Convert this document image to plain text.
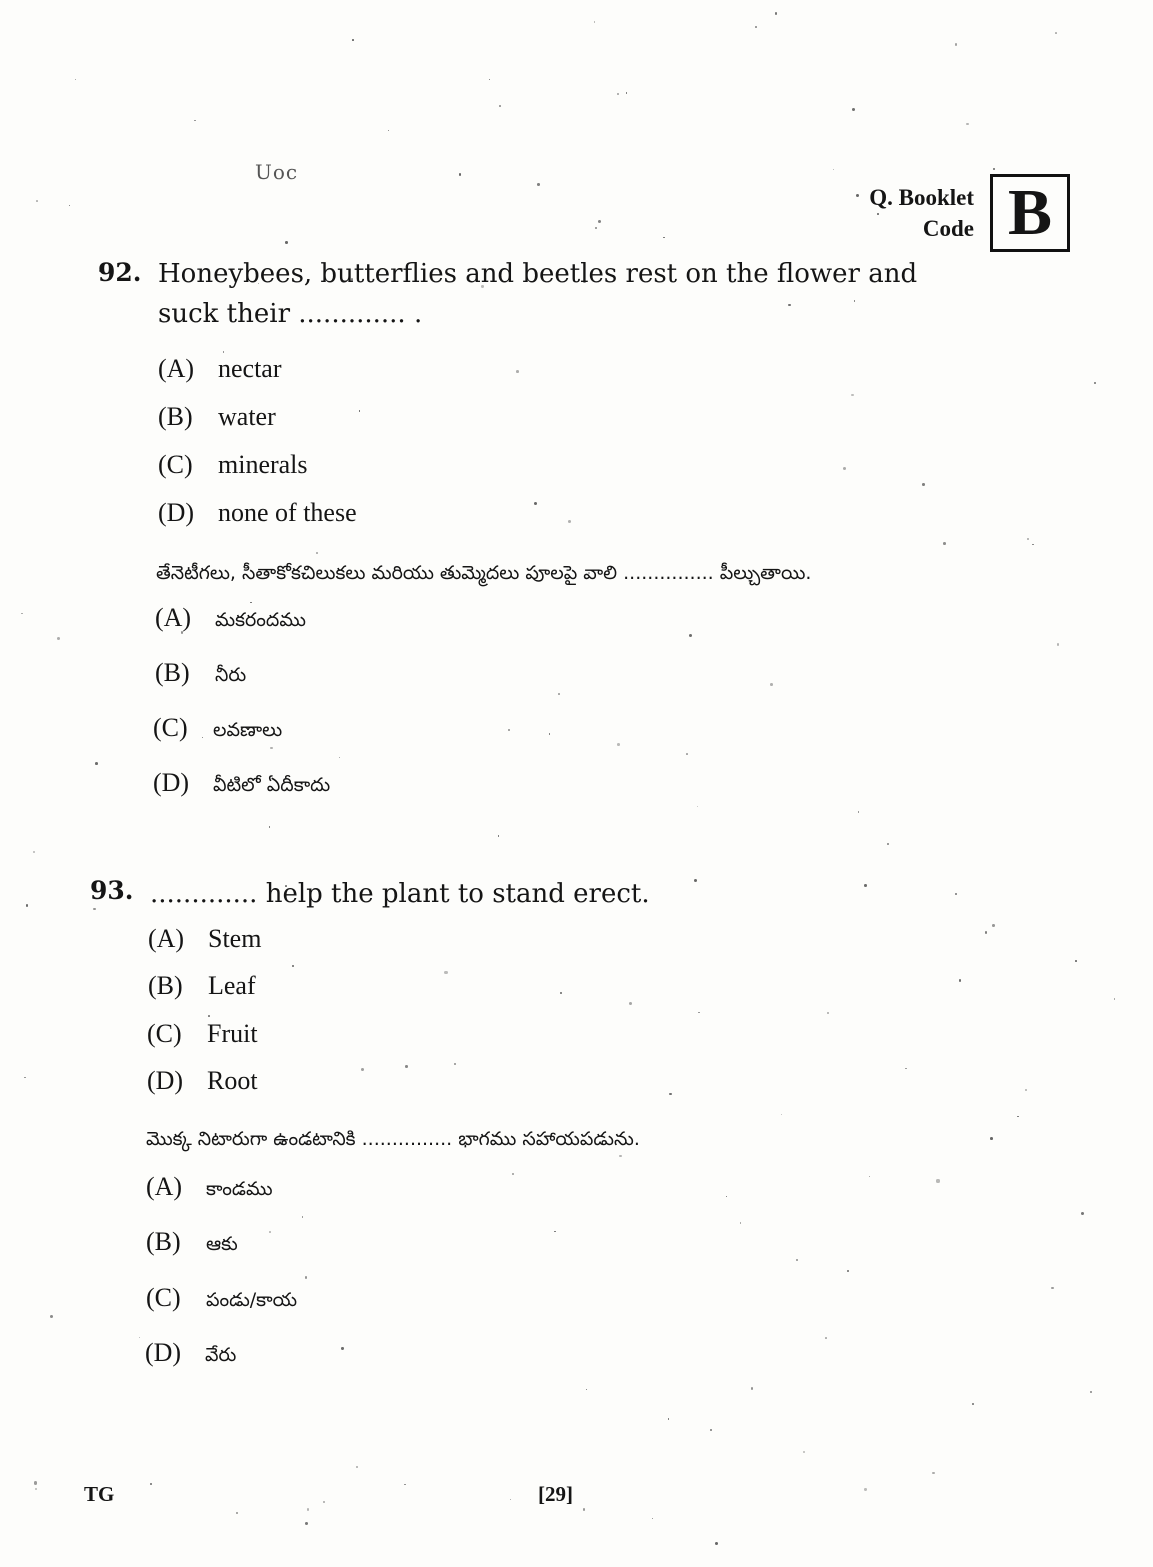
Uoc
Q. Booklet
Code B
92. Honeybees, butterflies and beetles rest on the flower and suck their ............. .
(A) nectar
(B) water
(C) minerals
(D) none of these
తేనెటీగలు, సీతాకోకచిలుకలు మరియు తుమ్మెదలు పూలపై వాలి ............... పీల్చుతాయి.
(A)	మకరందము
(B)	నీరు
(C)	లవణాలు
(D)	వీటిలో ఏదీకాదు
93. ............. help the plant to stand erect.
(A) Stem
(B) Leaf
(C) Fruit
(D) Root
మొక్క నిటారుగా ఉండటానికి ............... భాగము సహాయపడును.
(A)	కాండము
(B)	ఆకు
(C)	పండు/కాయ
(D)	వేరు
TG	[29]
